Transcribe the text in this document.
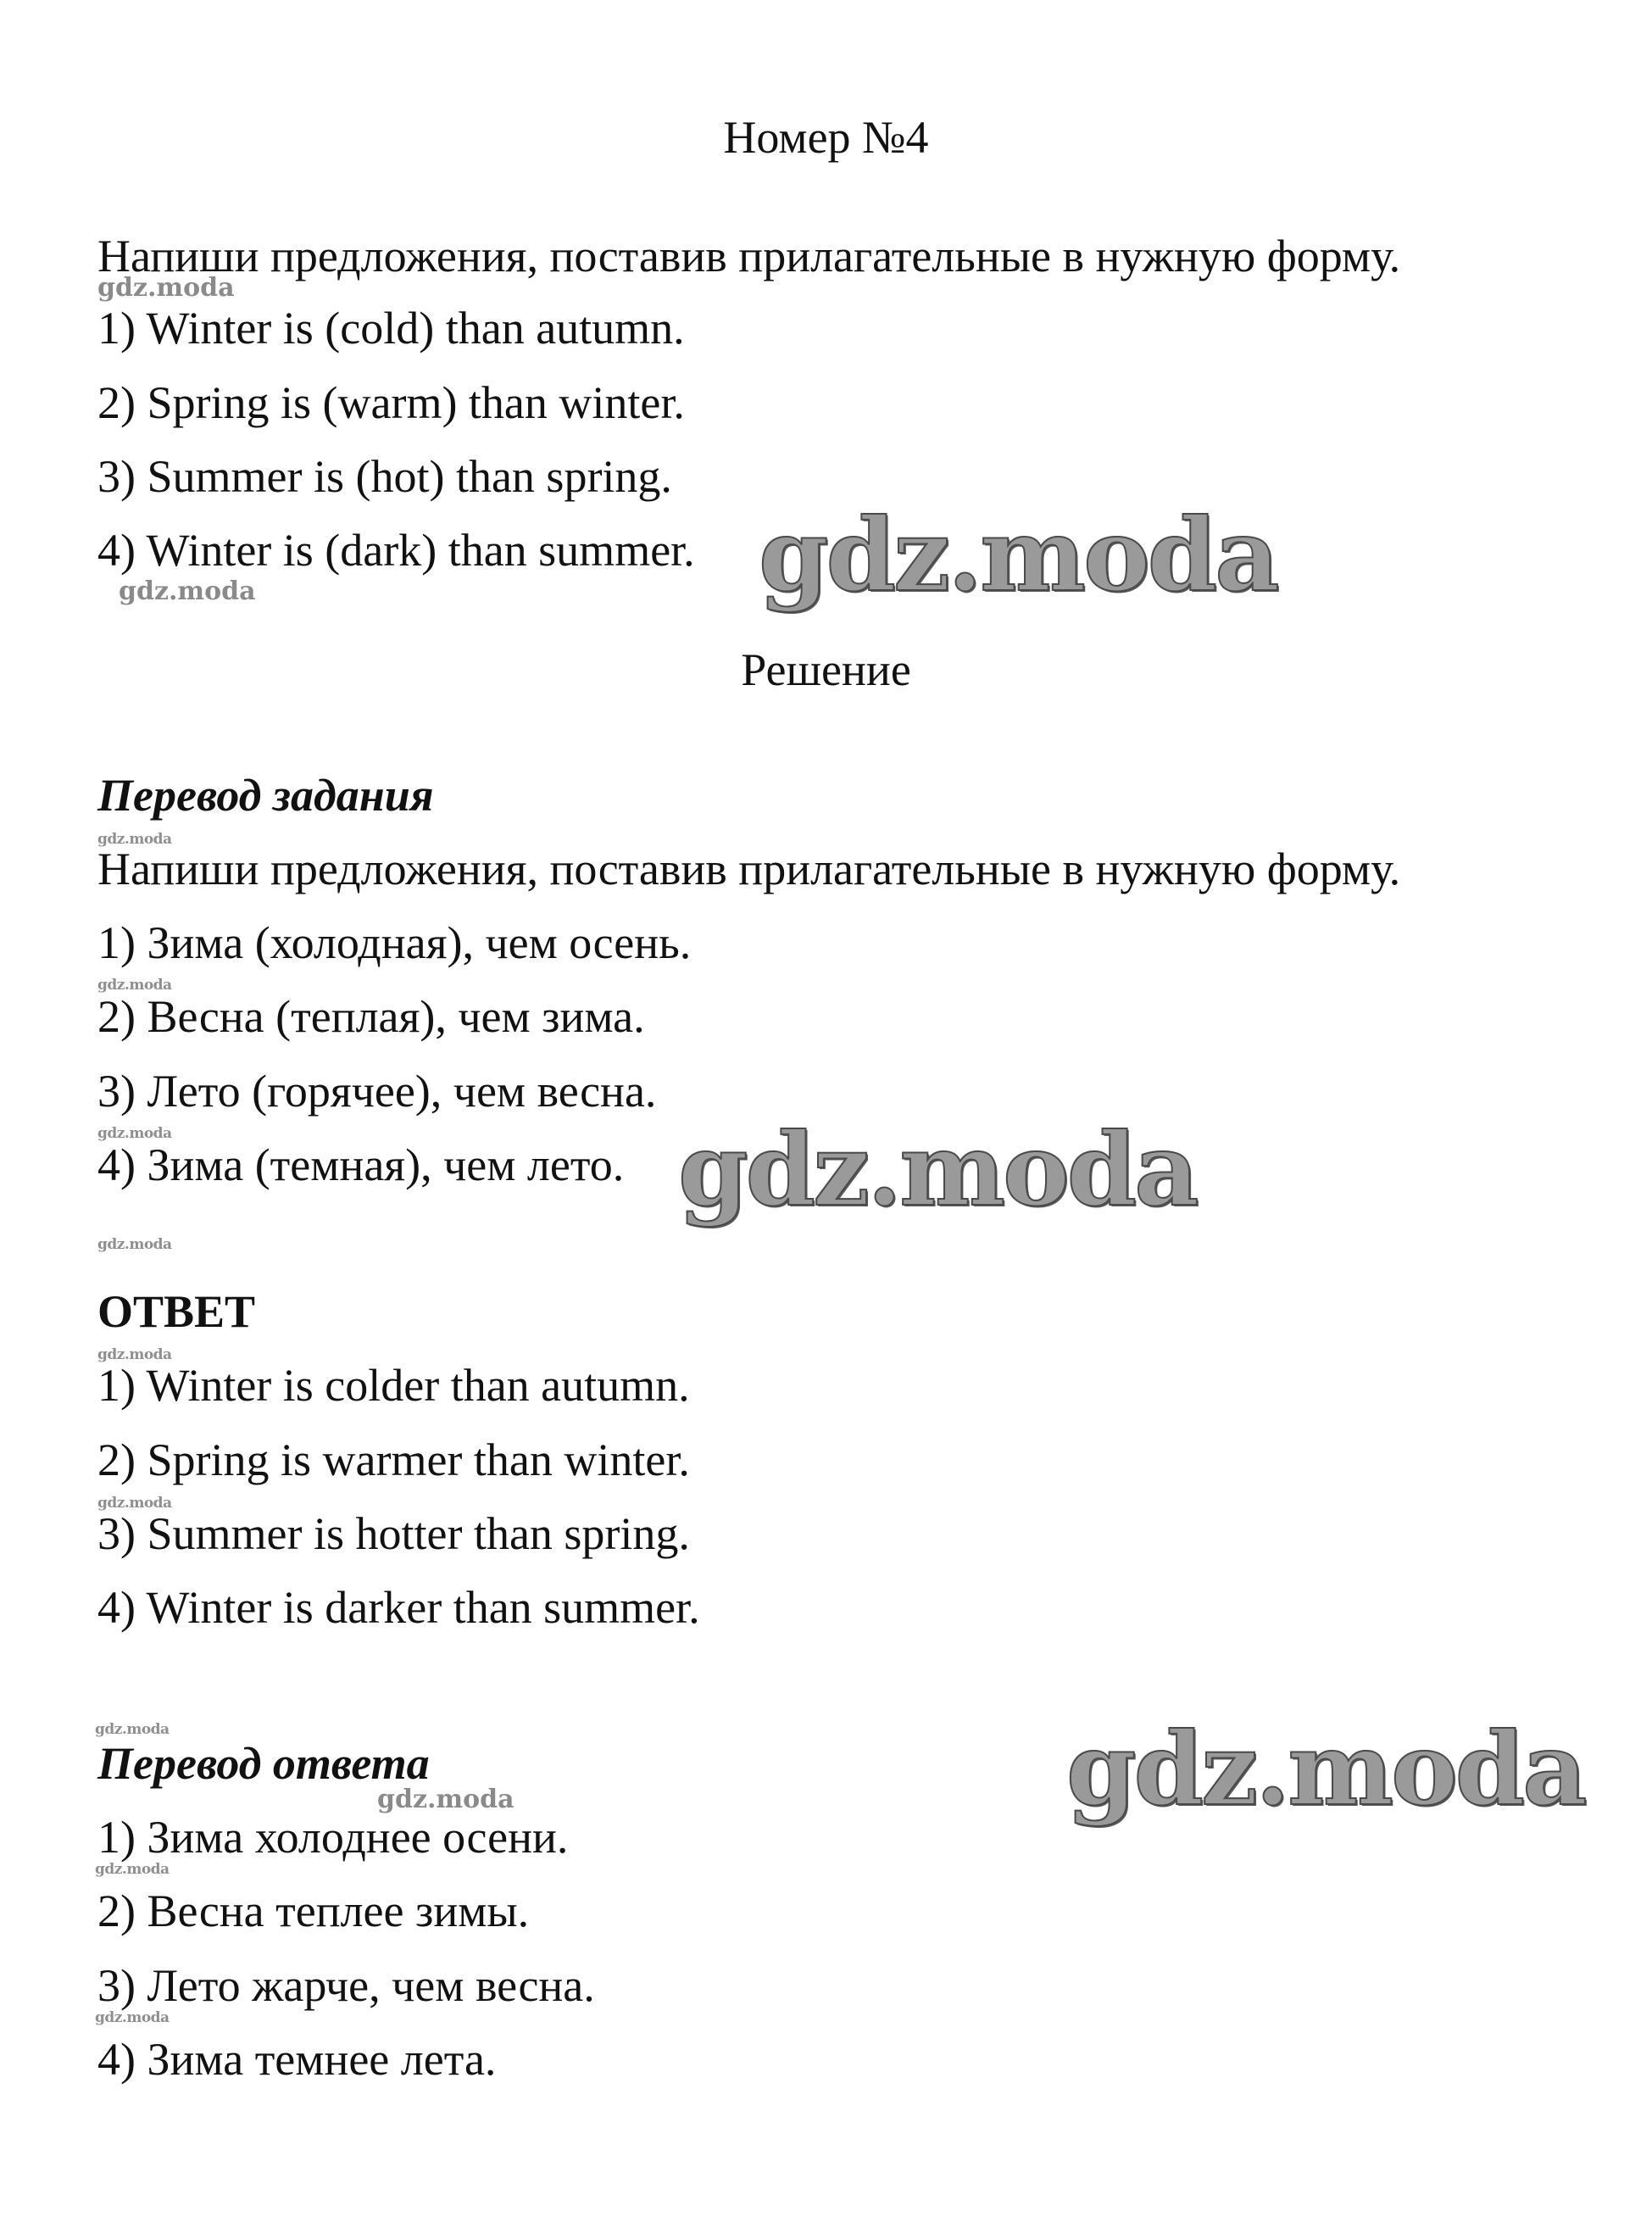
Номер №4
Напиши предложения, поставив прилагательные в нужную форму.
1) Winter is (cold) than autumn.
2) Spring is (warm) than winter.
3) Summer is (hot) than spring.
4) Winter is (dark) than summer.
Решение
Перевод задания
Напиши предложения, поставив прилагательные в нужную форму.
1) Зима (холодная), чем осень.
2) Весна (теплая), чем зима.
3) Лето (горячее), чем весна.
4) Зима (темная), чем лето.
ОТВЕТ
1) Winter is colder than autumn.
2) Spring is warmer than winter.
3) Summer is hotter than spring.
4) Winter is darker than summer.
Перевод ответа
1) Зима холоднее осени.
2) Весна теплее зимы.
3) Лето жарче, чем весна.
4) Зима темнее лета.
gdz.moda
gdz.moda
gdz.moda
gdz.moda
gdz.moda
gdz.moda
gdz.moda
gdz.moda
gdz.moda
gdz.moda
gdz.moda
gdz.moda
gdz.moda
gdz.moda
gdz.moda
